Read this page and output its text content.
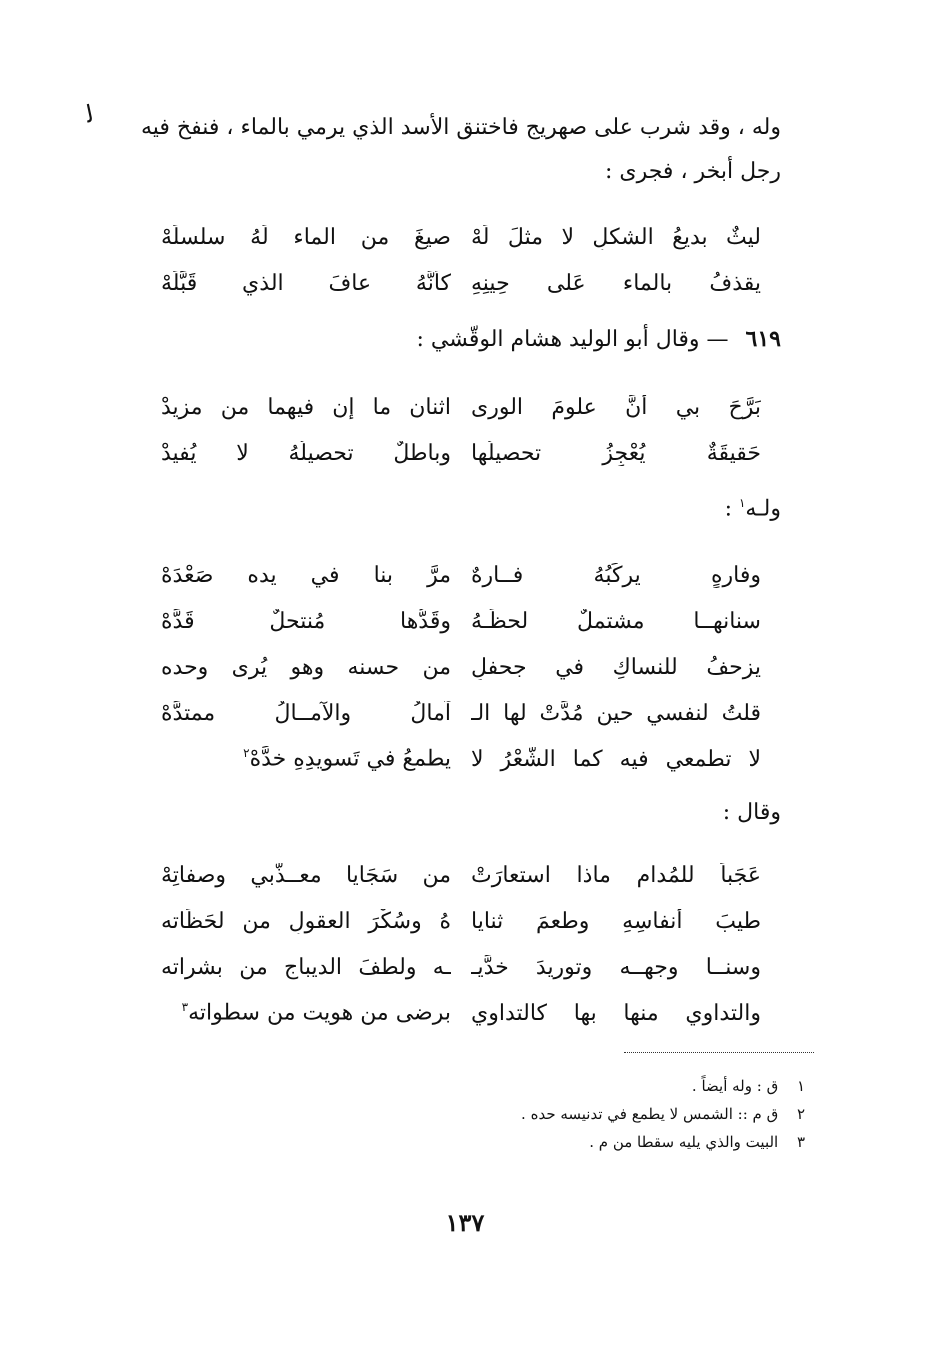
ﻟ	وله ، وقد شرب على صهريج فاختنق الأسد الذي يرمي بالماء ، فنفخ فيه
رجل أبخر ، فجرى :
ليثٌ بديعُ الشكلِ لا مثلَ لَهْ
صيغَ من الماء لَهُ سلسلَهْ
يقذفُ بالماء عَلى حِينِهِ
كأنَّهُ عافَ الذي قَبَّلَهْ
٦١٩ — وقال أبو الوليد هشام الوقّشي :
بَرَّحَ بي أنَّ علومَ الورى
اثنان ما إن فيهما من مزيدْ
حَقيقَةٌ يُعْجِزُ تحصيلُها
وباطلٌ تحصيلُهُ لا يُفيدْ
ولـه$^١$ :
وفارِهٍ يركَبُهُ فــارِهٌ
مرَّ بنا في يده صَعْدَهْ
سنانهــا مشتملٌ لحظَـهُ
وقَدُّها مُنتحلٌ قَدَّهْ
يزحفُ للنساكِ في جحفلٍ
من حسنه وهو يُرى وحده
قلتُ لنفسي حين مُدَّتْ لها الـ
آمالُ والآمــالُ ممتدَّهْ
لا تطمعي فيه كما الشَّعْرُ لا
يطمعُ في تَسويدِهِ خدَّهْ$^٢$
وقال :
عَجَباً للمُدامِ ماذا استعارَتْ
من سَجَايا معــذّبي وصفاتِهْ
طيبَ أنفاسِهِ وطعمَ ثنايا
هُ وسُكْرَ العقولِ من لحَظَاته
وسنــا وجهــه وتوريدَ خدَّيـ
ـه ولطفَ الديباجِ من بشراته
والتداوي منها بها كالتداوي
برضى من هويت من سطواته$^٣$
١ ق : وله أيضاً .
٢ ق م :: الشمس لا يطمع في تدنيسه حده .
٣ البيت والذي يليه سقطا من م .
١٣٧
